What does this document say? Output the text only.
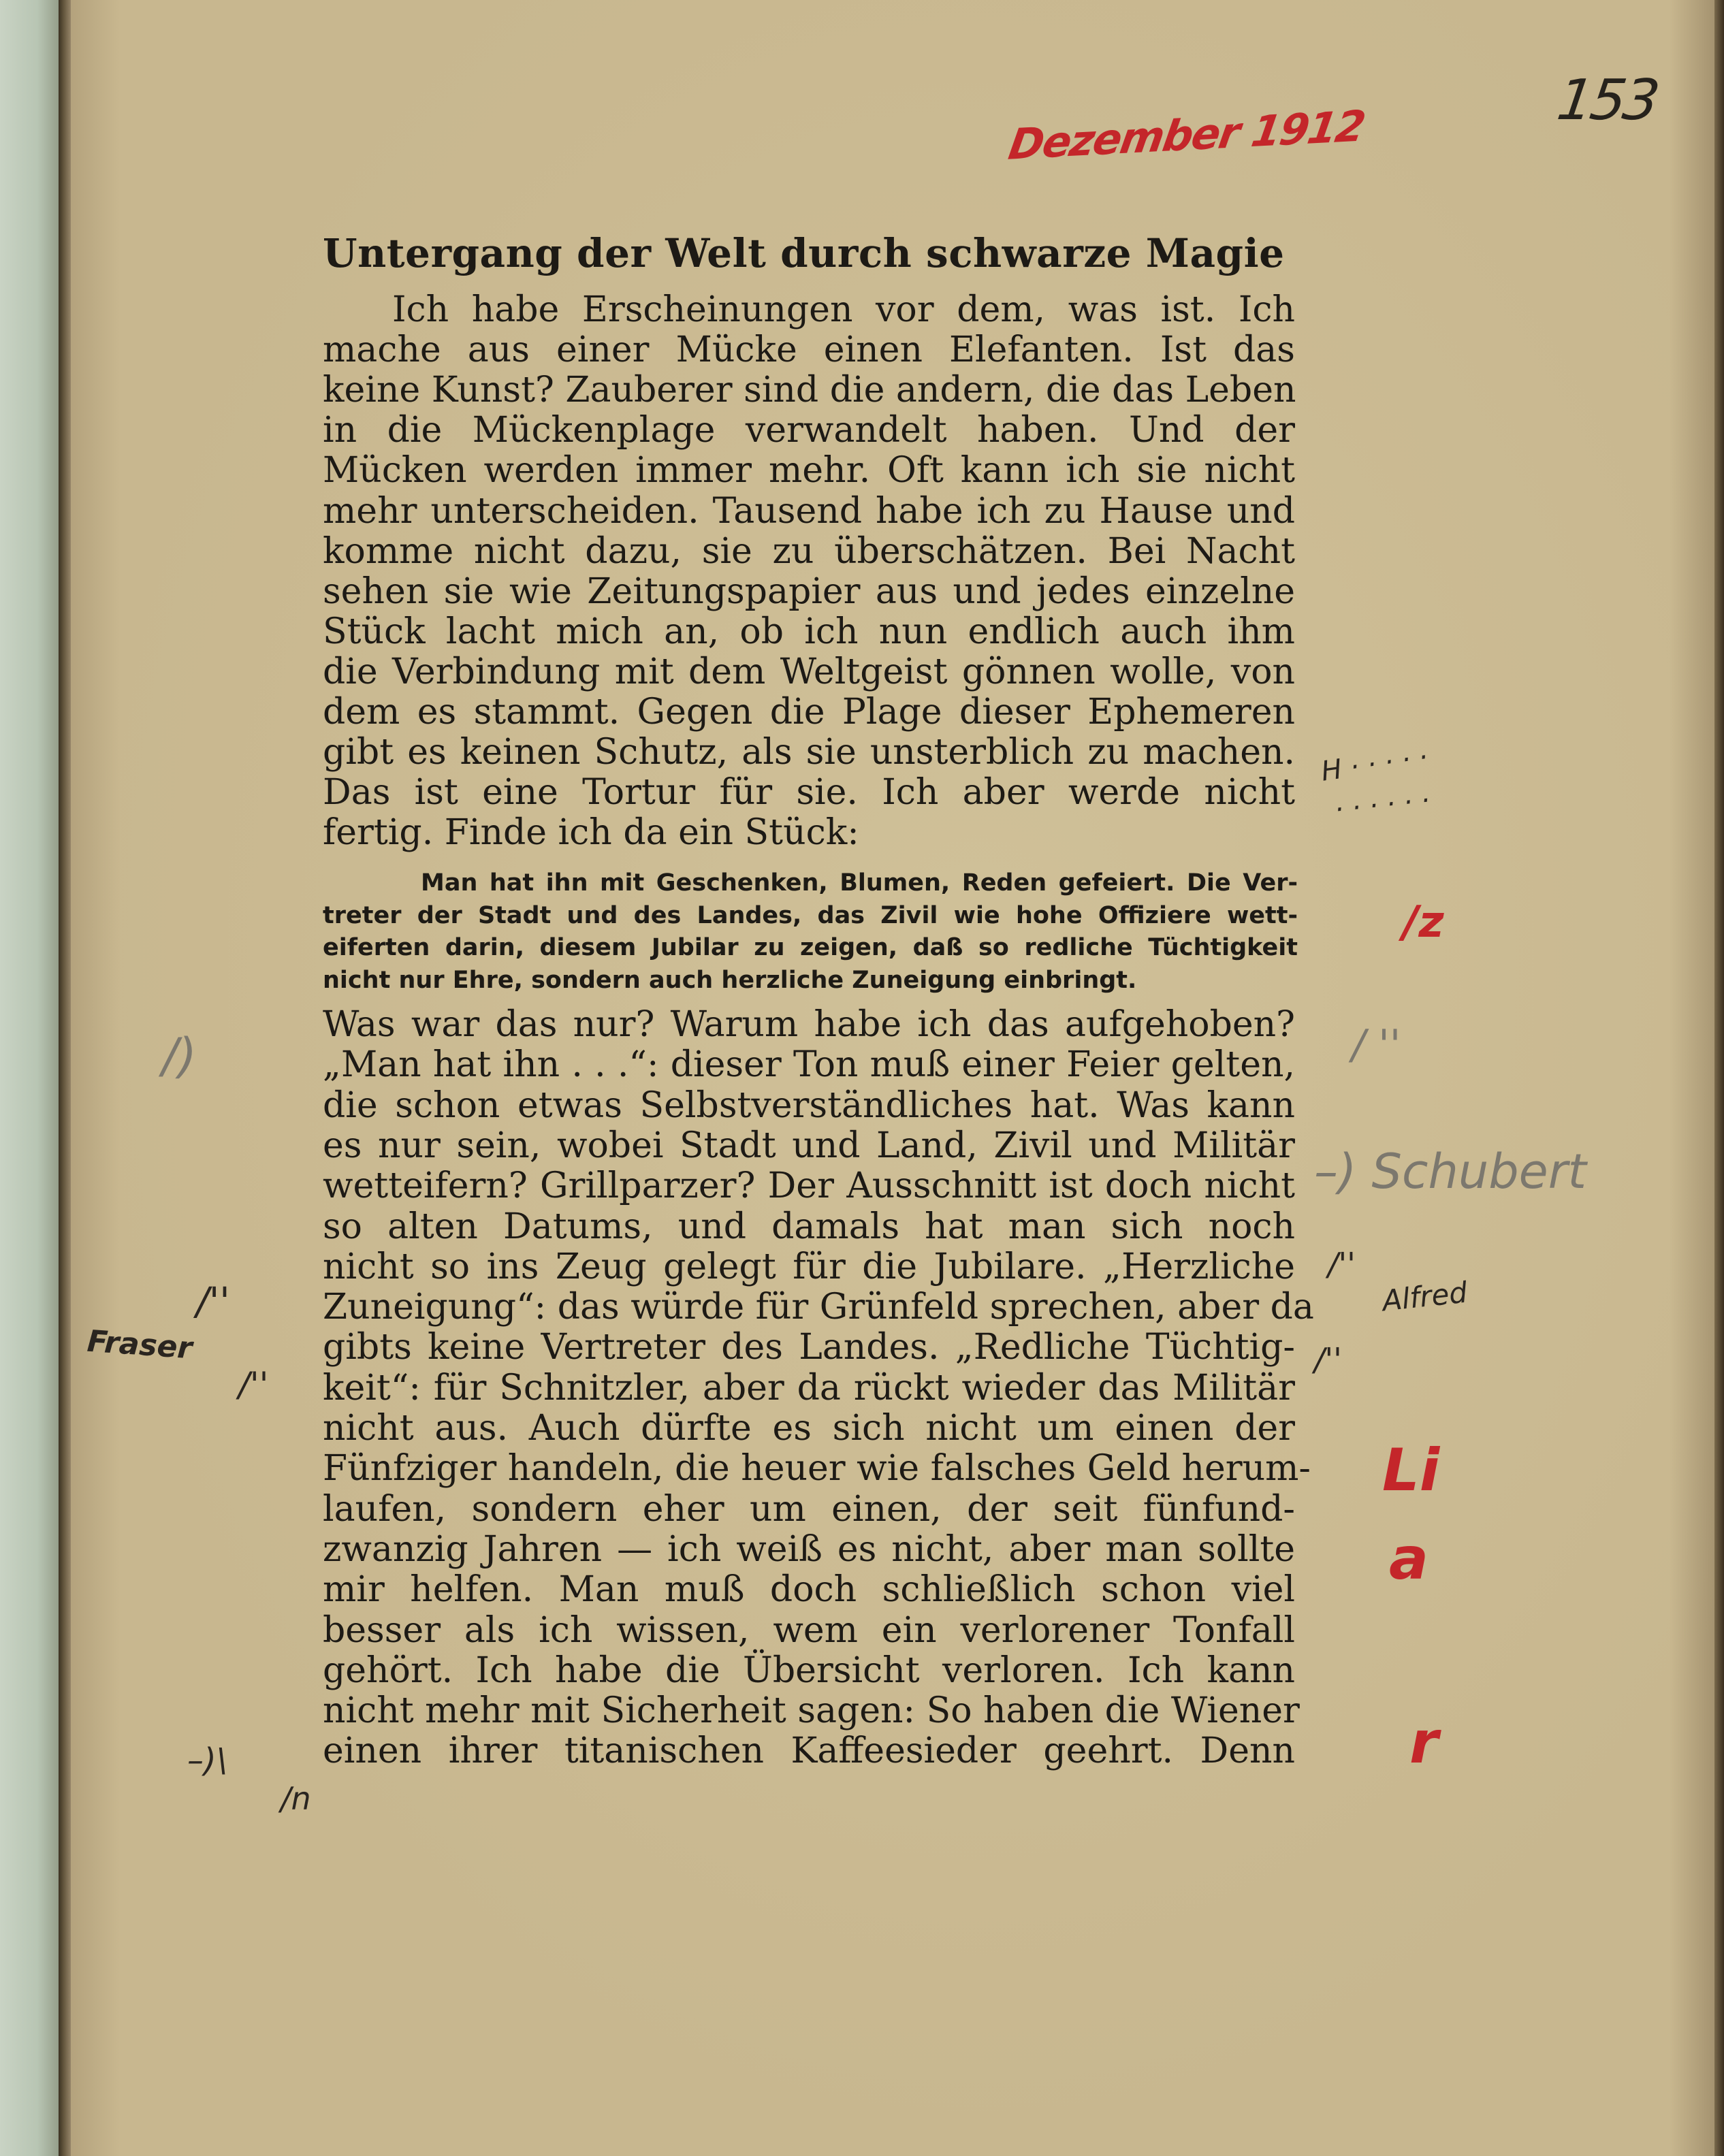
153
Dezember 1912
Untergang der Welt durch schwarze Magie
Ich habe Erscheinungen vor dem, was ist. Ich
mache aus einer Mücke einen Elefanten. Ist das
keine Kunst? Zauberer sind die andern, die das Leben
in die Mückenplage verwandelt haben. Und der
Mücken werden immer mehr. Oft kann ich sie nicht
mehr unterscheiden. Tausend habe ich zu Hause und
komme nicht dazu, sie zu überschätzen. Bei Nacht
sehen sie wie Zeitungspapier aus und jedes einzelne
Stück lacht mich an, ob ich nun endlich auch ihm
die Verbindung mit dem Weltgeist gönnen wolle, von
dem es stammt. Gegen die Plage dieser Ephemeren
gibt es keinen Schutz, als sie unsterblich zu machen.
Das ist eine Tortur für sie. Ich aber werde nicht
fertig. Finde ich da ein Stück:
Man hat ihn mit Geschenken, Blumen, Reden gefeiert. Die Ver-
treter der Stadt und des Landes, das Zivil wie hohe Offiziere wett-
eiferten darin, diesem Jubilar zu zeigen, daß so redliche Tüchtigkeit
nicht nur Ehre, sondern auch herzliche Zuneigung einbringt.
Was war das nur? Warum habe ich das aufgehoben?
„Man hat ihn . . .“: dieser Ton muß einer Feier gelten,
die schon etwas Selbstverständliches hat. Was kann
es nur sein, wobei Stadt und Land, Zivil und Militär
wetteifern? Grillparzer? Der Ausschnitt ist doch nicht
so alten Datums, und damals hat man sich noch
nicht so ins Zeug gelegt für die Jubilare. „Herzliche
Zuneigung“: das würde für Grünfeld sprechen, aber da
gibts keine Vertreter des Landes. „Redliche Tüchtig-
keit“: für Schnitzler, aber da rückt wieder das Militär
nicht aus. Auch dürfte es sich nicht um einen der
Fünfziger handeln, die heuer wie falsches Geld herum-
laufen, sondern eher um einen, der seit fünfund-
zwanzig Jahren — ich weiß es nicht, aber man sollte
mir helfen. Man muß doch schließlich schon viel
besser als ich wissen, wem ein verlorener Tonfall
gehört. Ich habe die Übersicht verloren. Ich kann
nicht mehr mit Sicherheit sagen: So haben die Wiener
einen ihrer titanischen Kaffeesieder geehrt. Denn
H · · · · ·
· · · · · ·
/z
/ ''
–) Schubert
/''
Alfred
/''
Li
a
r
/)
/''
Fraser
/''
–)\
/n
